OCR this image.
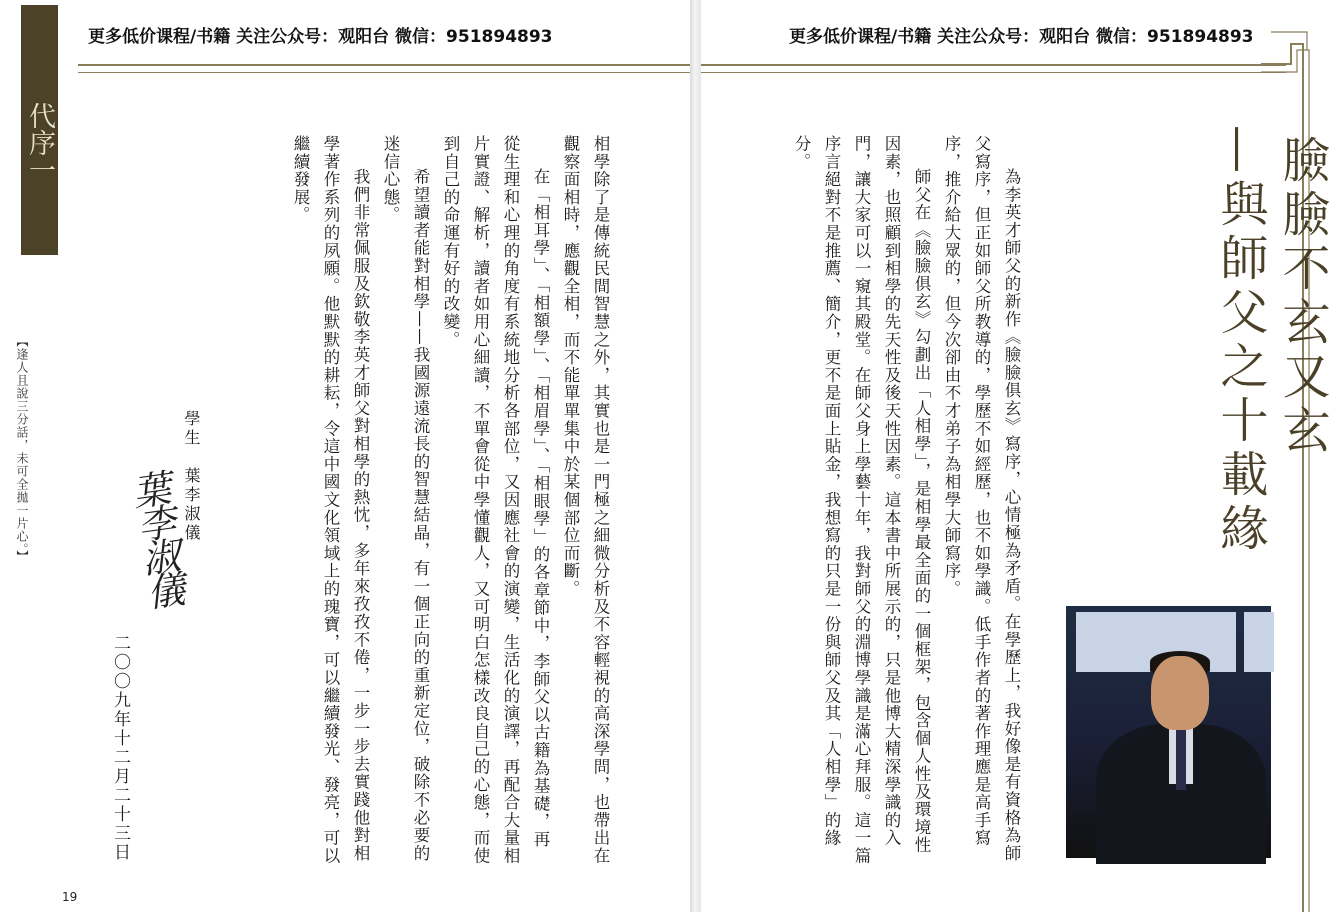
更多低价课程/书籍 关注公众号：观阳台 微信：951894893
代序一
【逢人且說三分話，未可全拋一片心。】
19

相學除了是傳統民間智慧之外，其實也是一門極之細微分析及不容輕視的高深學問，也帶出在觀察面相時，應觀全相，而不能單單集中於某個部位而斷。

在「相耳學」、「相額學」、「相眉學」、「相眼學」的各章節中，李師父以古籍為基礎，再從生理和心理的角度有系統地分析各部位，又因應社會的演變，生活化的演譯，再配合大量相片實證、解析，讀者如用心細讀，不單會從中學懂觀人，又可明白怎樣改良自己的心態，而使到自己的命運有好的改變。

希望讀者能對相學——我國源遠流長的智慧結晶，有一個正向的重新定位，破除不必要的迷信心態。

我們非常佩服及欽敬李英才師父對相學的熱忱，多年來孜孜不倦，一步一步去實踐他對相學著作系列的夙願。他默默的耕耘，令這中國文化領域上的瑰寶，可以繼續發光、發亮，可以繼續發展。

學生　葉李淑儀
葉李淑儀
二〇〇九年十二月二十三日
更多低价课程/书籍 关注公众号：观阳台 微信：951894893
臉臉不玄又玄
—與師父之十載緣

為李英才師父的新作《臉臉俱玄》寫序，心情極為矛盾。在學歷上，我好像是有資格為師父寫序，但正如師父所教導的，學歷不如經歷，也不如學識。低手作者的著作理應是高手寫序，推介給大眾的，但今次卻由不才弟子為相學大師寫序。

師父在《臉臉俱玄》勾劃出「人相學」，是相學最全面的一個框架，包含個人性及環境性因素，也照顧到相學的先天性及後天性因素。這本書中所展示的，只是他博大精深學識的入門，讓大家可以一窺其殿堂。在師父身上學藝十年，我對師父的淵博學識是滿心拜服。這一篇序言絕對不是推薦、簡介，更不是面上貼金，我想寫的只是一份與師父及其「人相學」的緣分。
